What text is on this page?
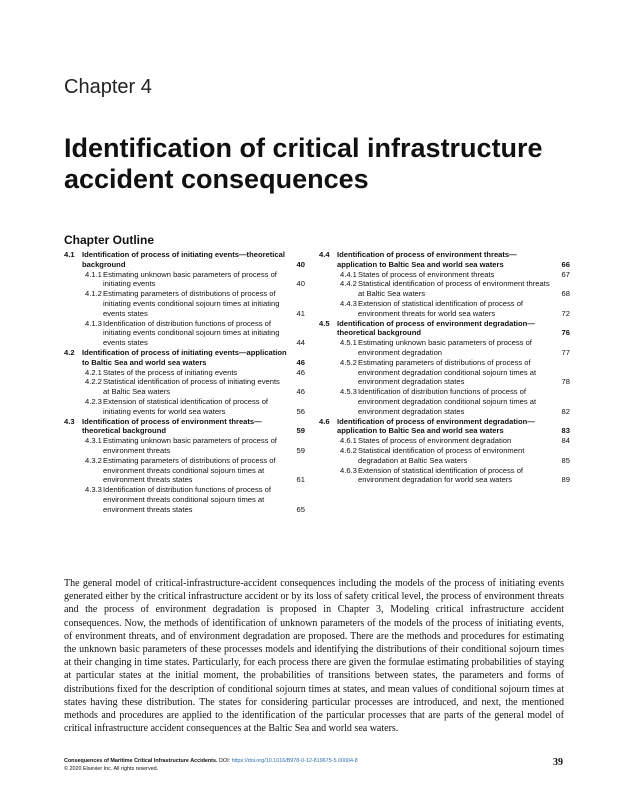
Chapter 4
Identification of critical infrastructure
accident consequences
Chapter Outline
4.1 Identification of process of initiating events—theoretical background	40
4.1.1 Estimating unknown basic parameters of process of initiating events	40
4.1.2 Estimating parameters of distributions of process of initiating events conditional sojourn times at initiating events states	41
4.1.3 Identification of distribution functions of process of initiating events conditional sojourn times at initiating events states	44
4.2 Identification of process of initiating events—application to Baltic Sea and world sea waters	46
4.2.1 States of the process of initiating events	46
4.2.2 Statistical identification of process of initiating events at Baltic Sea waters	46
4.2.3 Extension of statistical identification of process of initiating events for world sea waters	56
4.3 Identification of process of environment threats—theoretical background	59
4.3.1 Estimating unknown basic parameters of process of environment threats	59
4.3.2 Estimating parameters of distributions of process of environment threats conditional sojourn times at environment threats states	61
4.3.3 Identification of distribution functions of process of environment threats conditional sojourn times at environment threats states	65
4.4 Identification of process of environment threats—application to Baltic Sea and world sea waters	66
4.4.1 States of process of environment threats	67
4.4.2 Statistical identification of process of environment threats at Baltic Sea waters	68
4.4.3 Extension of statistical identification of process of environment threats for world sea waters	72
4.5 Identification of process of environment degradation—theoretical background	76
4.5.1 Estimating unknown basic parameters of process of environment degradation	77
4.5.2 Estimating parameters of distributions of process of environment degradation conditional sojourn times at environment degradation states	78
4.5.3 Identification of distribution functions of process of environment degradation conditional sojourn times at environment degradation states	82
4.6 Identification of process of environment degradation—application to Baltic Sea and world sea waters	83
4.6.1 States of process of environment degradation	84
4.6.2 Statistical identification of process of environment degradation at Baltic Sea waters	85
4.6.3 Extension of statistical identification of process of environment degradation for world sea waters	89

The general model of critical-infrastructure-accident consequences including the models of the process of initiating events generated either by the critical infrastructure accident or by its loss of safety critical level, the process of environment threats and the process of environment degradation is proposed in Chapter 3, Modeling critical infrastructure accident consequences. Now, the methods of identification of unknown parameters of the models of the process of initiating events, of environment threats, and of environment degradation are proposed. There are the methods and procedures for estimating the unknown basic parameters of these processes models and identifying the distributions of their conditional sojourn times at their changing in time states. Particularly, for each process there are given the formulae estimating probabilities of staying at particular states at the initial moment, the probabilities of transitions between states, the parameters and forms of distributions fixed for the description of conditional sojourn times at states, and mean values of conditional sojourn times at states having these distribution. The states for considering particular processes are introduced, and next, the mentioned methods and procedures are applied to the identification of the particular processes that are parts of the general model of critical infrastructure accident consequences at the Baltic Sea and world sea waters.

Consequences of Maritime Critical Infrastructure Accidents. DOI: https://doi.org/10.1016/B978-0-12-819675-5.00004-8
© 2020 Elsevier Inc. All rights reserved.
39
